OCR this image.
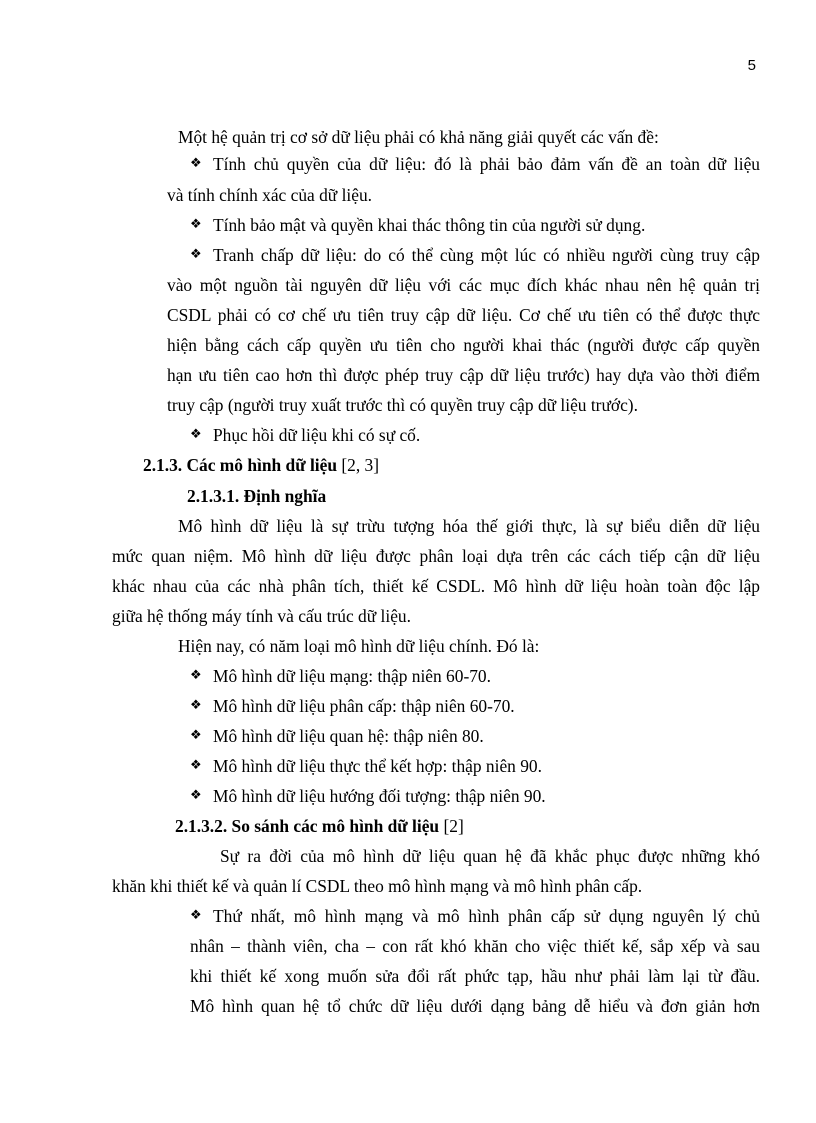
5
Một hệ quản trị cơ sở dữ liệu phải có khả năng giải quyết các vấn đề:
❖ Tính chủ quyền của dữ liệu: đó là phải bảo đảm vấn đề an toàn dữ liệu
và tính chính xác của dữ liệu.
❖ Tính bảo mật và quyền khai thác thông tin của người sử dụng.
❖ Tranh chấp dữ liệu: do có thể cùng một lúc có nhiều người cùng truy cập
vào một nguồn tài nguyên dữ liệu với các mục đích khác nhau nên hệ quản trị
CSDL phải có cơ chế ưu tiên truy cập dữ liệu. Cơ chế ưu tiên có thể được thực
hiện bằng cách cấp quyền ưu tiên cho người khai thác (người được cấp quyền
hạn ưu tiên cao hơn thì được phép truy cập dữ liệu trước) hay dựa vào thời điểm
truy cập (người truy xuất trước thì có quyền truy cập dữ liệu trước).
❖ Phục hồi dữ liệu khi có sự cố.
2.1.3. Các mô hình dữ liệu [2, 3]
2.1.3.1. Định nghĩa
Mô hình dữ liệu là sự trừu tượng hóa thế giới thực, là sự biểu diễn dữ liệu
mức quan niệm. Mô hình dữ liệu được phân loại dựa trên các cách tiếp cận dữ liệu
khác nhau của các nhà phân tích, thiết kế CSDL. Mô hình dữ liệu hoàn toàn độc lập
giữa hệ thống máy tính và cấu trúc dữ liệu.
Hiện nay, có năm loại mô hình dữ liệu chính. Đó là:
❖ Mô hình dữ liệu mạng: thập niên 60-70.
❖ Mô hình dữ liệu phân cấp: thập niên 60-70.
❖ Mô hình dữ liệu quan hệ: thập niên 80.
❖ Mô hình dữ liệu thực thể kết hợp: thập niên 90.
❖ Mô hình dữ liệu hướng đối tượng: thập niên 90.
2.1.3.2. So sánh các mô hình dữ liệu [2]
Sự ra đời của mô hình dữ liệu quan hệ đã khắc phục được những khó
khăn khi thiết kế và quản lí CSDL theo mô hình mạng và mô hình phân cấp.
❖ Thứ nhất, mô hình mạng và mô hình phân cấp sử dụng nguyên lý chủ
nhân – thành viên, cha – con rất khó khăn cho việc thiết kế, sắp xếp và sau
khi thiết kế xong muốn sửa đổi rất phức tạp, hầu như phải làm lại từ đầu.
Mô hình quan hệ tổ chức dữ liệu dưới dạng bảng dễ hiểu và đơn giản hơn
